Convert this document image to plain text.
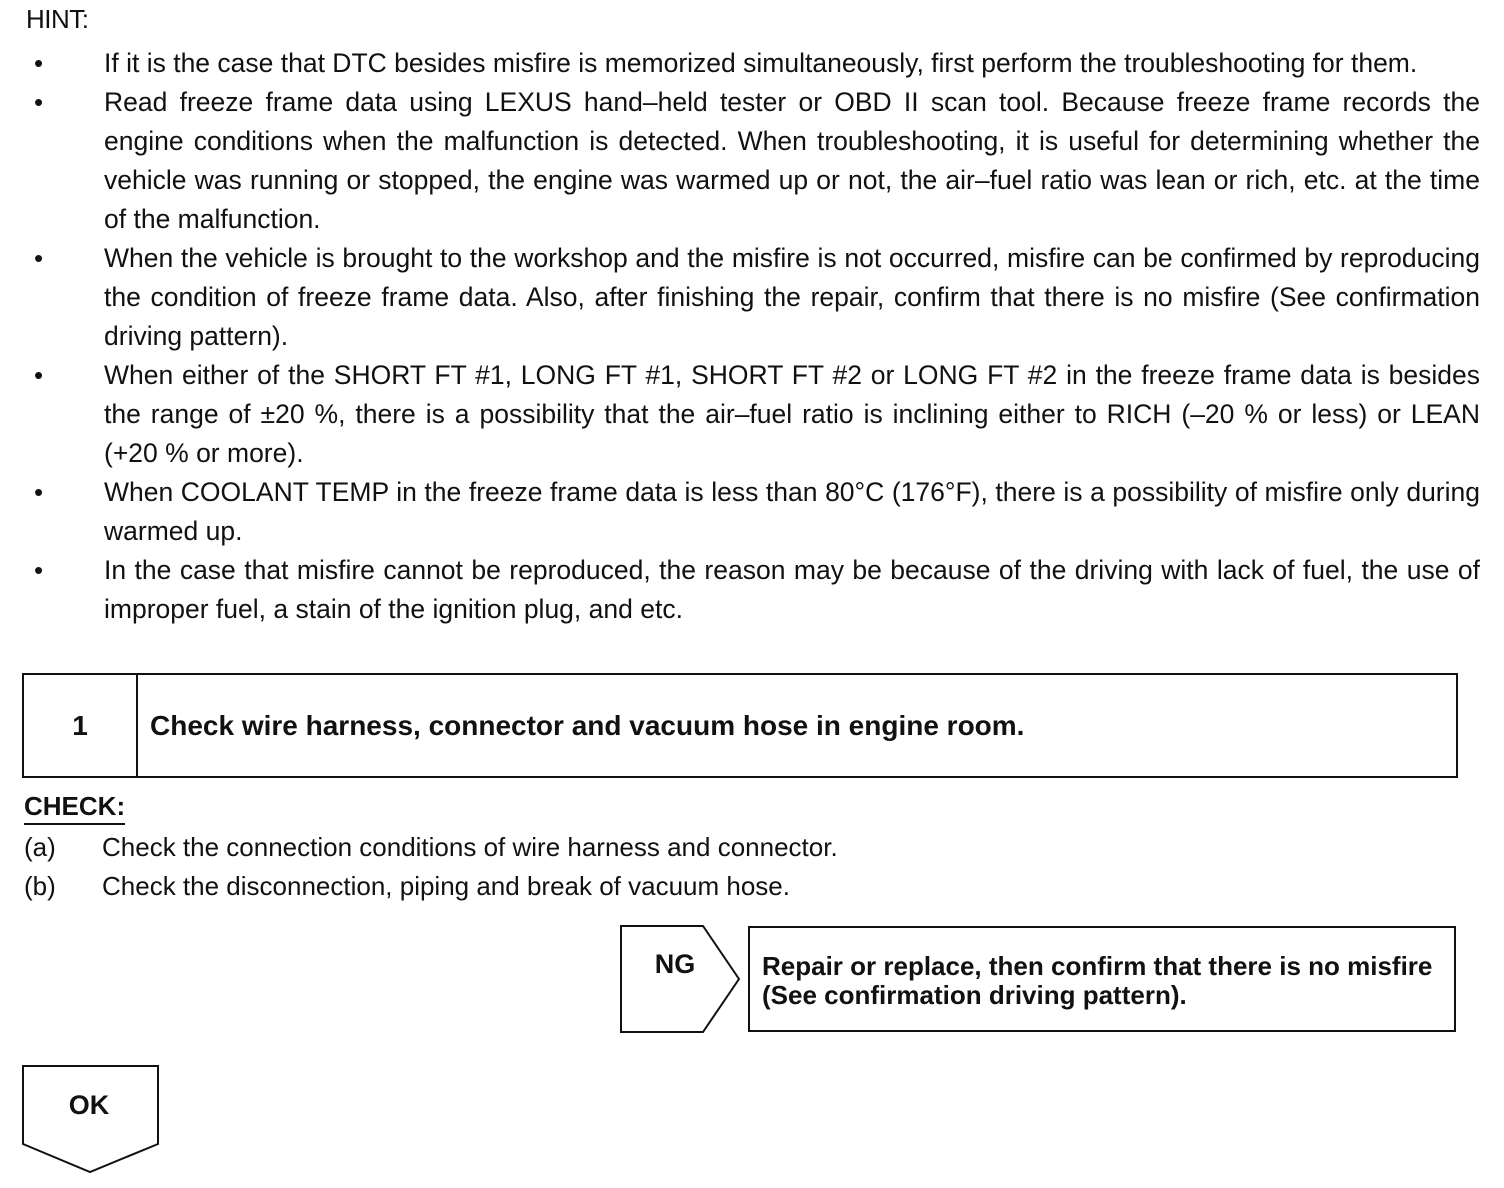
HINT:
• If it is the case that DTC besides misfire is memorized simultaneously, first perform the troubleshooting for them.
• Read freeze frame data using LEXUS hand–held tester or OBD II scan tool. Because freeze frame records the engine conditions when the malfunction is detected. When troubleshooting, it is useful for determining whether the vehicle was running or stopped, the engine was warmed up or not, the air–fuel ratio was lean or rich, etc. at the time of the malfunction.
• When the vehicle is brought to the workshop and the misfire is not occurred, misfire can be confirmed by reproducing the condition of freeze frame data. Also, after finishing the repair, confirm that there is no misfire (See confirmation driving pattern).
• When either of the SHORT FT #1, LONG FT #1, SHORT FT #2 or LONG FT #2 in the freeze frame data is besides the range of ±20 %, there is a possibility that the air–fuel ratio is inclining either to RICH (–20 % or less) or LEAN (+20 % or more).
• When COOLANT TEMP in the freeze frame data is less than 80°C (176°F), there is a possibility of misfire only during warmed up.
• In the case that misfire cannot be reproduced, the reason may be because of the driving with lack of fuel, the use of improper fuel, a stain of the ignition plug, and etc.
1	Check wire harness, connector and vacuum hose in engine room.
CHECK:
(a) Check the connection conditions of wire harness and connector.
(b) Check the disconnection, piping and break of vacuum hose.
NG	Repair or replace, then confirm that there is no misfire (See confirmation driving pattern).
OK
